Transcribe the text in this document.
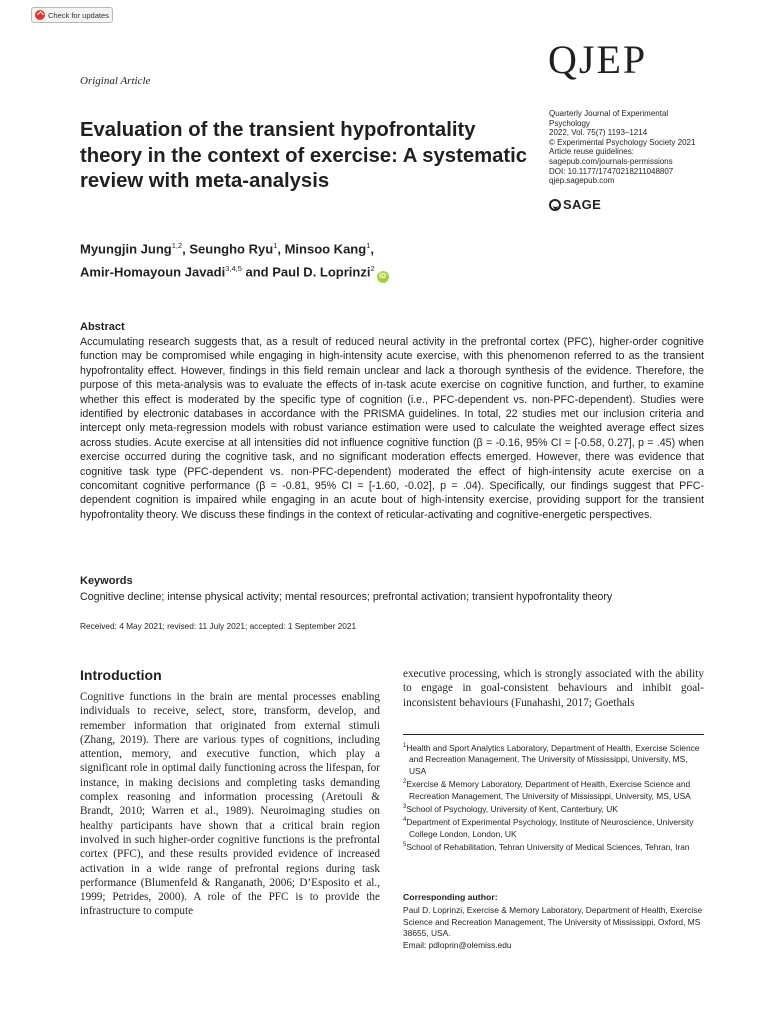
Check for updates
Original Article	QJEP
Quarterly Journal of Experimental
Psychology
2022, Vol. 75(7) 1193–1214
© Experimental Psychology Society 2021
Article reuse guidelines:
sagepub.com/journals-permissions
DOI: 10.1177/17470218211048807
qjep.sagepub.com
SAGE
Evaluation of the transient hypofrontality theory in the context of exercise: A systematic review with meta-analysis
Myungjin Jung$^{1,2}$, Seungho Ryu$^1$, Minsoo Kang$^1$,
Amir-Homayoun Javadi$^{3,4,5}$ and Paul D. Loprinzi$^2$iD
Abstract

Accumulating research suggests that, as a result of reduced neural activity in the prefrontal cortex (PFC), higher-order cognitive function may be compromised while engaging in high-intensity acute exercise, with this phenomenon referred to as the transient hypofrontality effect. However, findings in this field remain unclear and lack a thorough synthesis of the evidence. Therefore, the purpose of this meta-analysis was to evaluate the effects of in-task acute exercise on cognitive function, and further, to examine whether this effect is moderated by the specific type of cognition (i.e., PFC-dependent vs. non-PFC-dependent). Studies were identified by electronic databases in accordance with the PRISMA guidelines. In total, 22 studies met our inclusion criteria and intercept only meta-regression models with robust variance estimation were used to calculate the weighted average effect sizes across studies. Acute exercise at all intensities did not influence cognitive function (β = -0.16, 95% CI = [-0.58, 0.27], p = .45) when exercise occurred during the cognitive task, and no significant moderation effects emerged. However, there was evidence that cognitive task type (PFC-dependent vs. non-PFC-dependent) moderated the effect of high-intensity acute exercise on a concomitant cognitive performance (β = -0.81, 95% CI = [-1.60, -0.02], p = .04). Specifically, our findings suggest that PFC-dependent cognition is impaired while engaging in an acute bout of high-intensity exercise, providing support for the transient hypofrontality theory. We discuss these findings in the context of reticular-activating and cognitive-energetic perspectives.

Keywords
Cognitive decline; intense physical activity; mental resources; prefrontal activation; transient hypofrontality theory
Received: 4 May 2021; revised: 11 July 2021; accepted: 1 September 2021
Introduction

Cognitive functions in the brain are mental processes enabling individuals to receive, select, store, transform, develop, and remember information that originated from external stimuli (Zhang, 2019). There are various types of cognitions, including attention, memory, and executive function, which play a significant role in optimal daily functioning across the lifespan, for instance, in making decisions and completing tasks demanding complex reasoning and information processing (Aretouli & Brandt, 2010; Warren et al., 1989). Neuroimaging studies on healthy participants have shown that a critical brain region involved in such higher-order cognitive functions is the prefrontal cortex (PFC), and these results provided evidence of increased activation in a wide range of prefrontal regions during task performance (Blumenfeld & Ranganath, 2006; D’Esposito et al., 1999; Petrides, 2000). A role of the PFC is to provide the infrastructure to compute

executive processing, which is strongly associated with the ability to engage in goal-consistent behaviours and inhibit goal-inconsistent behaviours (Funahashi, 2017; Goethals

$^1$Health and Sport Analytics Laboratory, Department of Health, Exercise Science and Recreation Management, The University of Mississippi, University, MS, USA
$^2$Exercise & Memory Laboratory, Department of Health, Exercise Science and Recreation Management, The University of Mississippi, University, MS, USA
$^3$School of Psychology, University of Kent, Canterbury, UK
$^4$Department of Experimental Psychology, Institute of Neuroscience, University College London, London, UK
$^5$School of Rehabilitation, Tehran University of Medical Sciences, Tehran, Iran
Corresponding author:
Paul D. Loprinzi, Exercise & Memory Laboratory, Department of Health, Exercise Science and Recreation Management, The University of Mississippi, Oxford, MS 38655, USA.
Email: pdloprin@olemiss.edu
